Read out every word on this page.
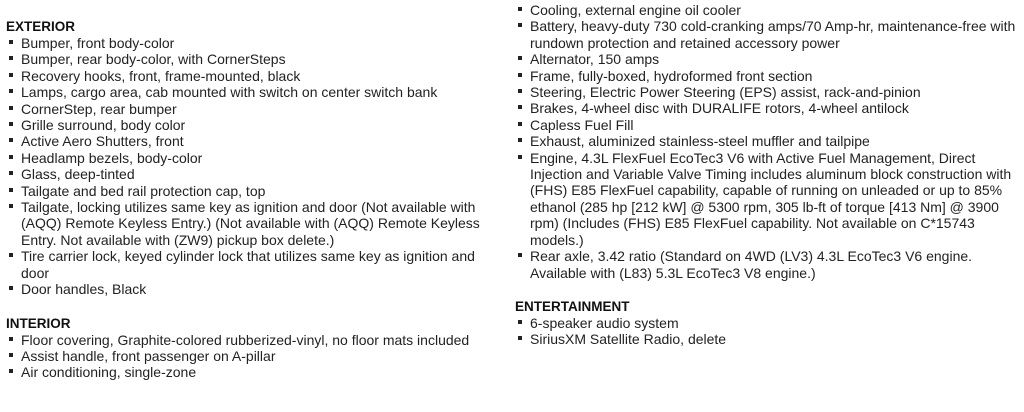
EXTERIOR
Bumper, front body-color
Bumper, rear body-color, with CornerSteps
Recovery hooks, front, frame-mounted, black
Lamps, cargo area, cab mounted with switch on center switch bank
CornerStep, rear bumper
Grille surround, body color
Active Aero Shutters, front
Headlamp bezels, body-color
Glass, deep-tinted
Tailgate and bed rail protection cap, top
Tailgate, locking utilizes same key as ignition and door (Not available with (AQQ) Remote Keyless Entry.) (Not available with (AQQ) Remote Keyless Entry. Not available with (ZW9) pickup box delete.)
Tire carrier lock, keyed cylinder lock that utilizes same key as ignition and door
Door handles, Black
INTERIOR
Floor covering, Graphite-colored rubberized-vinyl, no floor mats included
Assist handle, front passenger on A-pillar
Air conditioning, single-zone
Cooling, external engine oil cooler
Battery, heavy-duty 730 cold-cranking amps/70 Amp-hr, maintenance-free with rundown protection and retained accessory power
Alternator, 150 amps
Frame, fully-boxed, hydroformed front section
Steering, Electric Power Steering (EPS) assist, rack-and-pinion
Brakes, 4-wheel disc with DURALIFE rotors, 4-wheel antilock
Capless Fuel Fill
Exhaust, aluminized stainless-steel muffler and tailpipe
Engine, 4.3L FlexFuel EcoTec3 V6 with Active Fuel Management, Direct Injection and Variable Valve Timing includes aluminum block construction with (FHS) E85 FlexFuel capability, capable of running on unleaded or up to 85% ethanol (285 hp [212 kW] @ 5300 rpm, 305 lb-ft of torque [413 Nm] @ 3900 rpm) (Includes (FHS) E85 FlexFuel capability. Not available on C*15743 models.)
Rear axle, 3.42 ratio (Standard on 4WD (LV3) 4.3L EcoTec3 V6 engine. Available with (L83) 5.3L EcoTec3 V8 engine.)
ENTERTAINMENT
6-speaker audio system
SiriusXM Satellite Radio, delete
